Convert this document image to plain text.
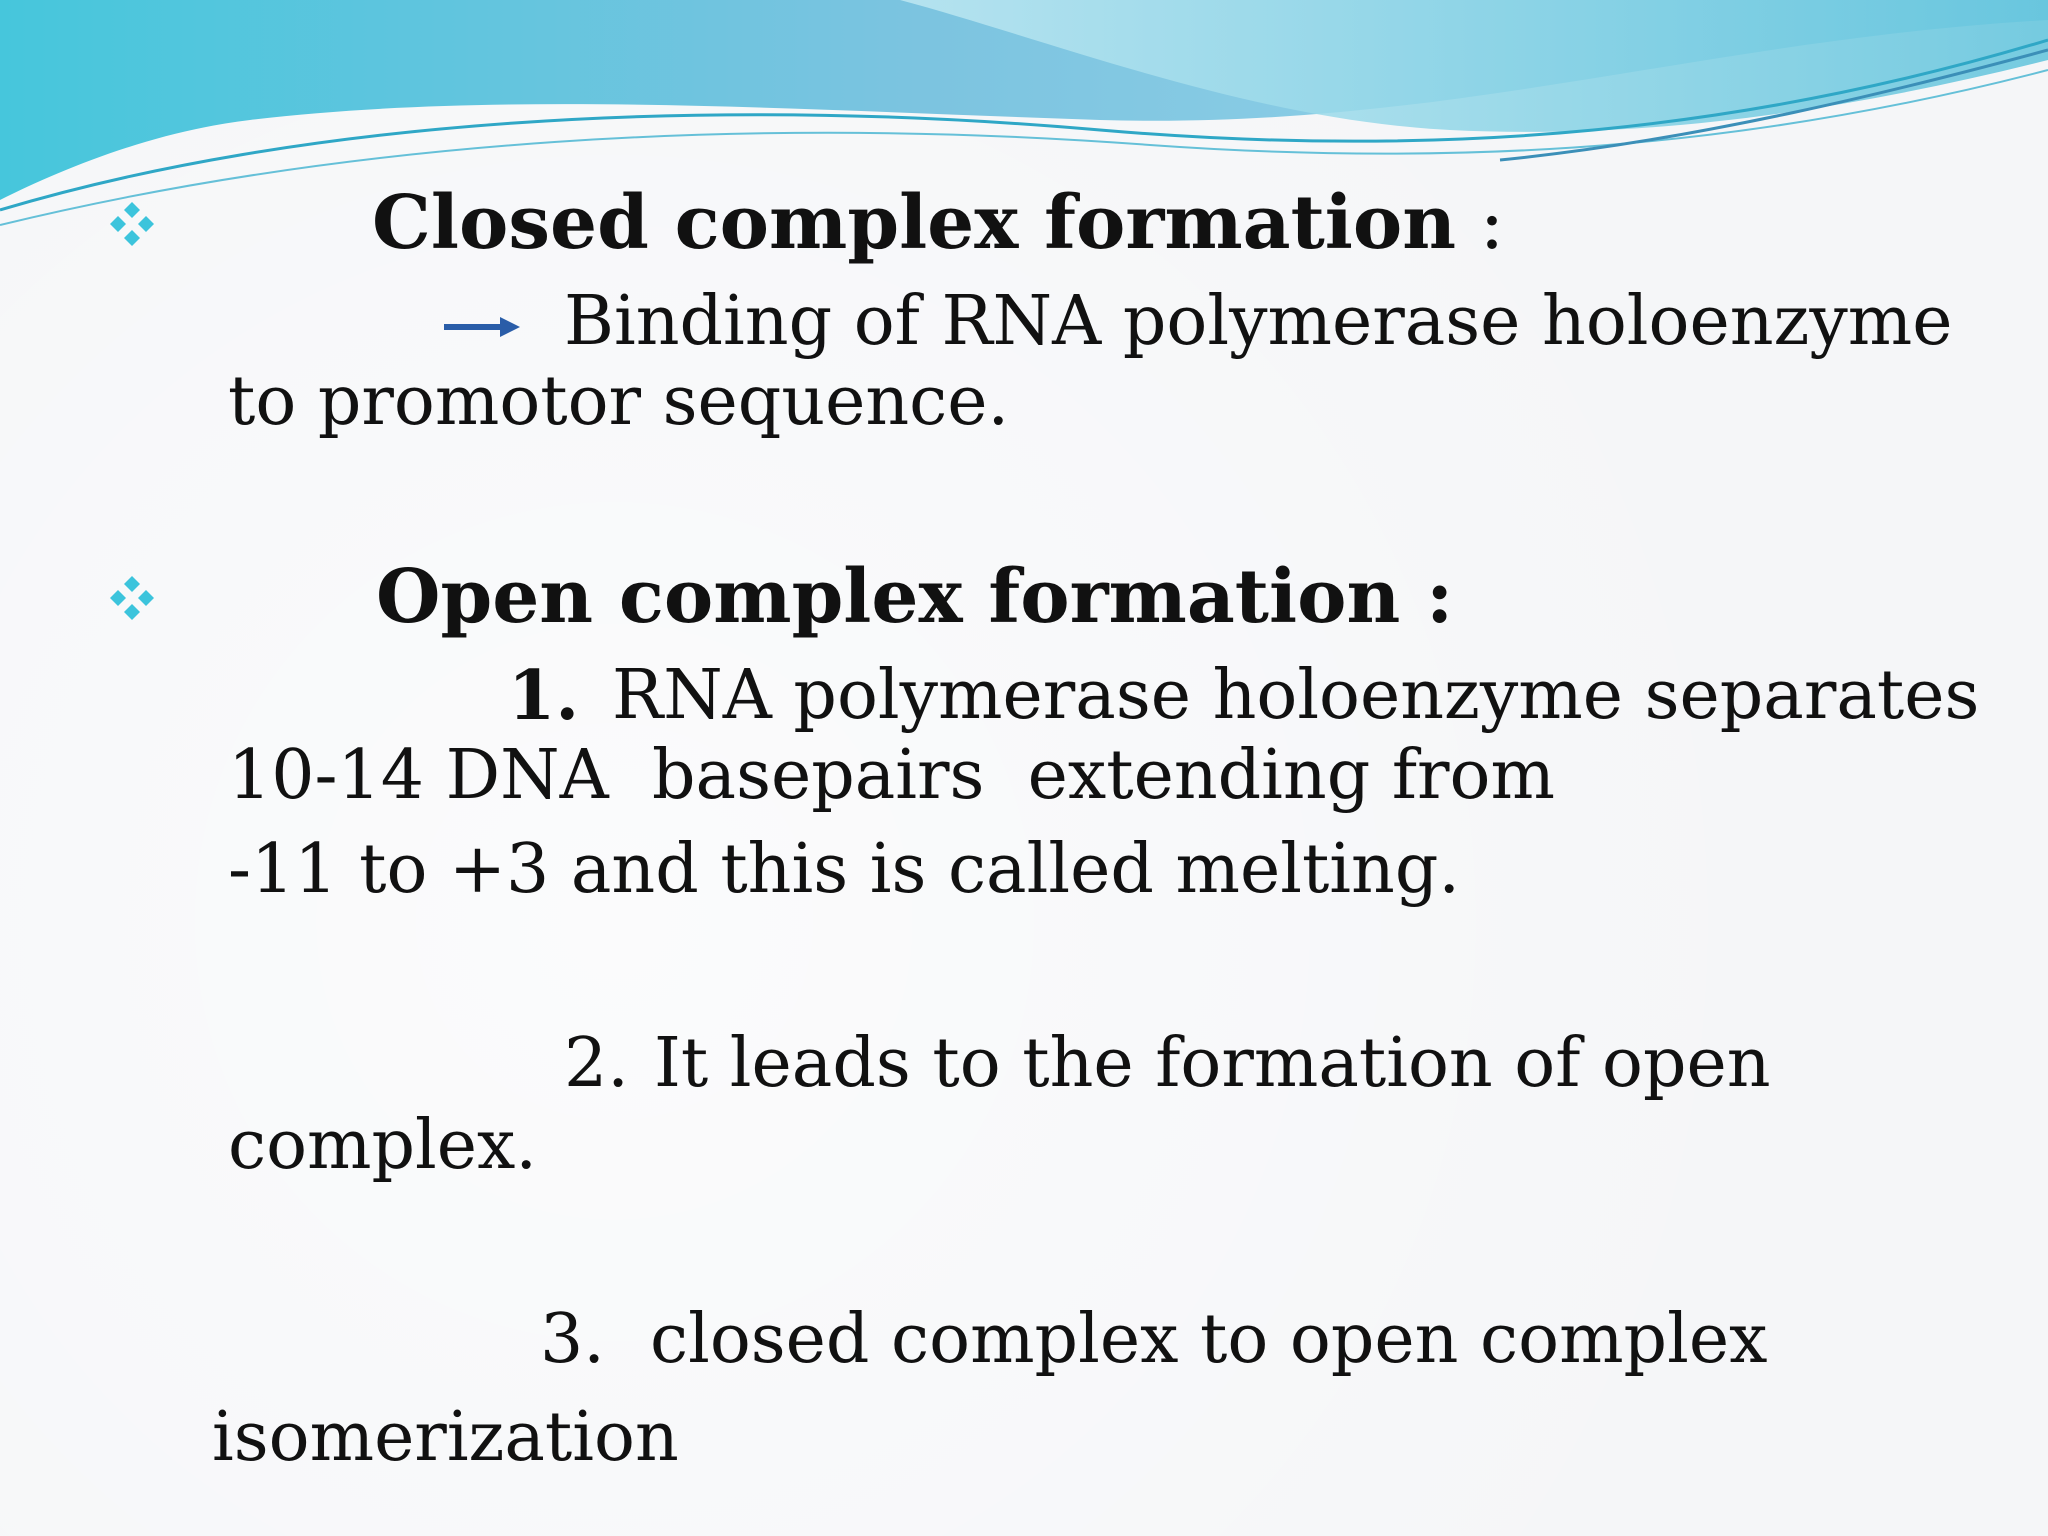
Closed complex formation :
Binding of RNA polymerase holoenzyme
to promotor sequence.
Open complex formation :
1. RNA polymerase holoenzyme separates
10-14 DNA  basepairs  extending from
-11 to +3 and this is called melting.
2. It leads to the formation of open
complex.
3. closed complex to open complex
isomerization
